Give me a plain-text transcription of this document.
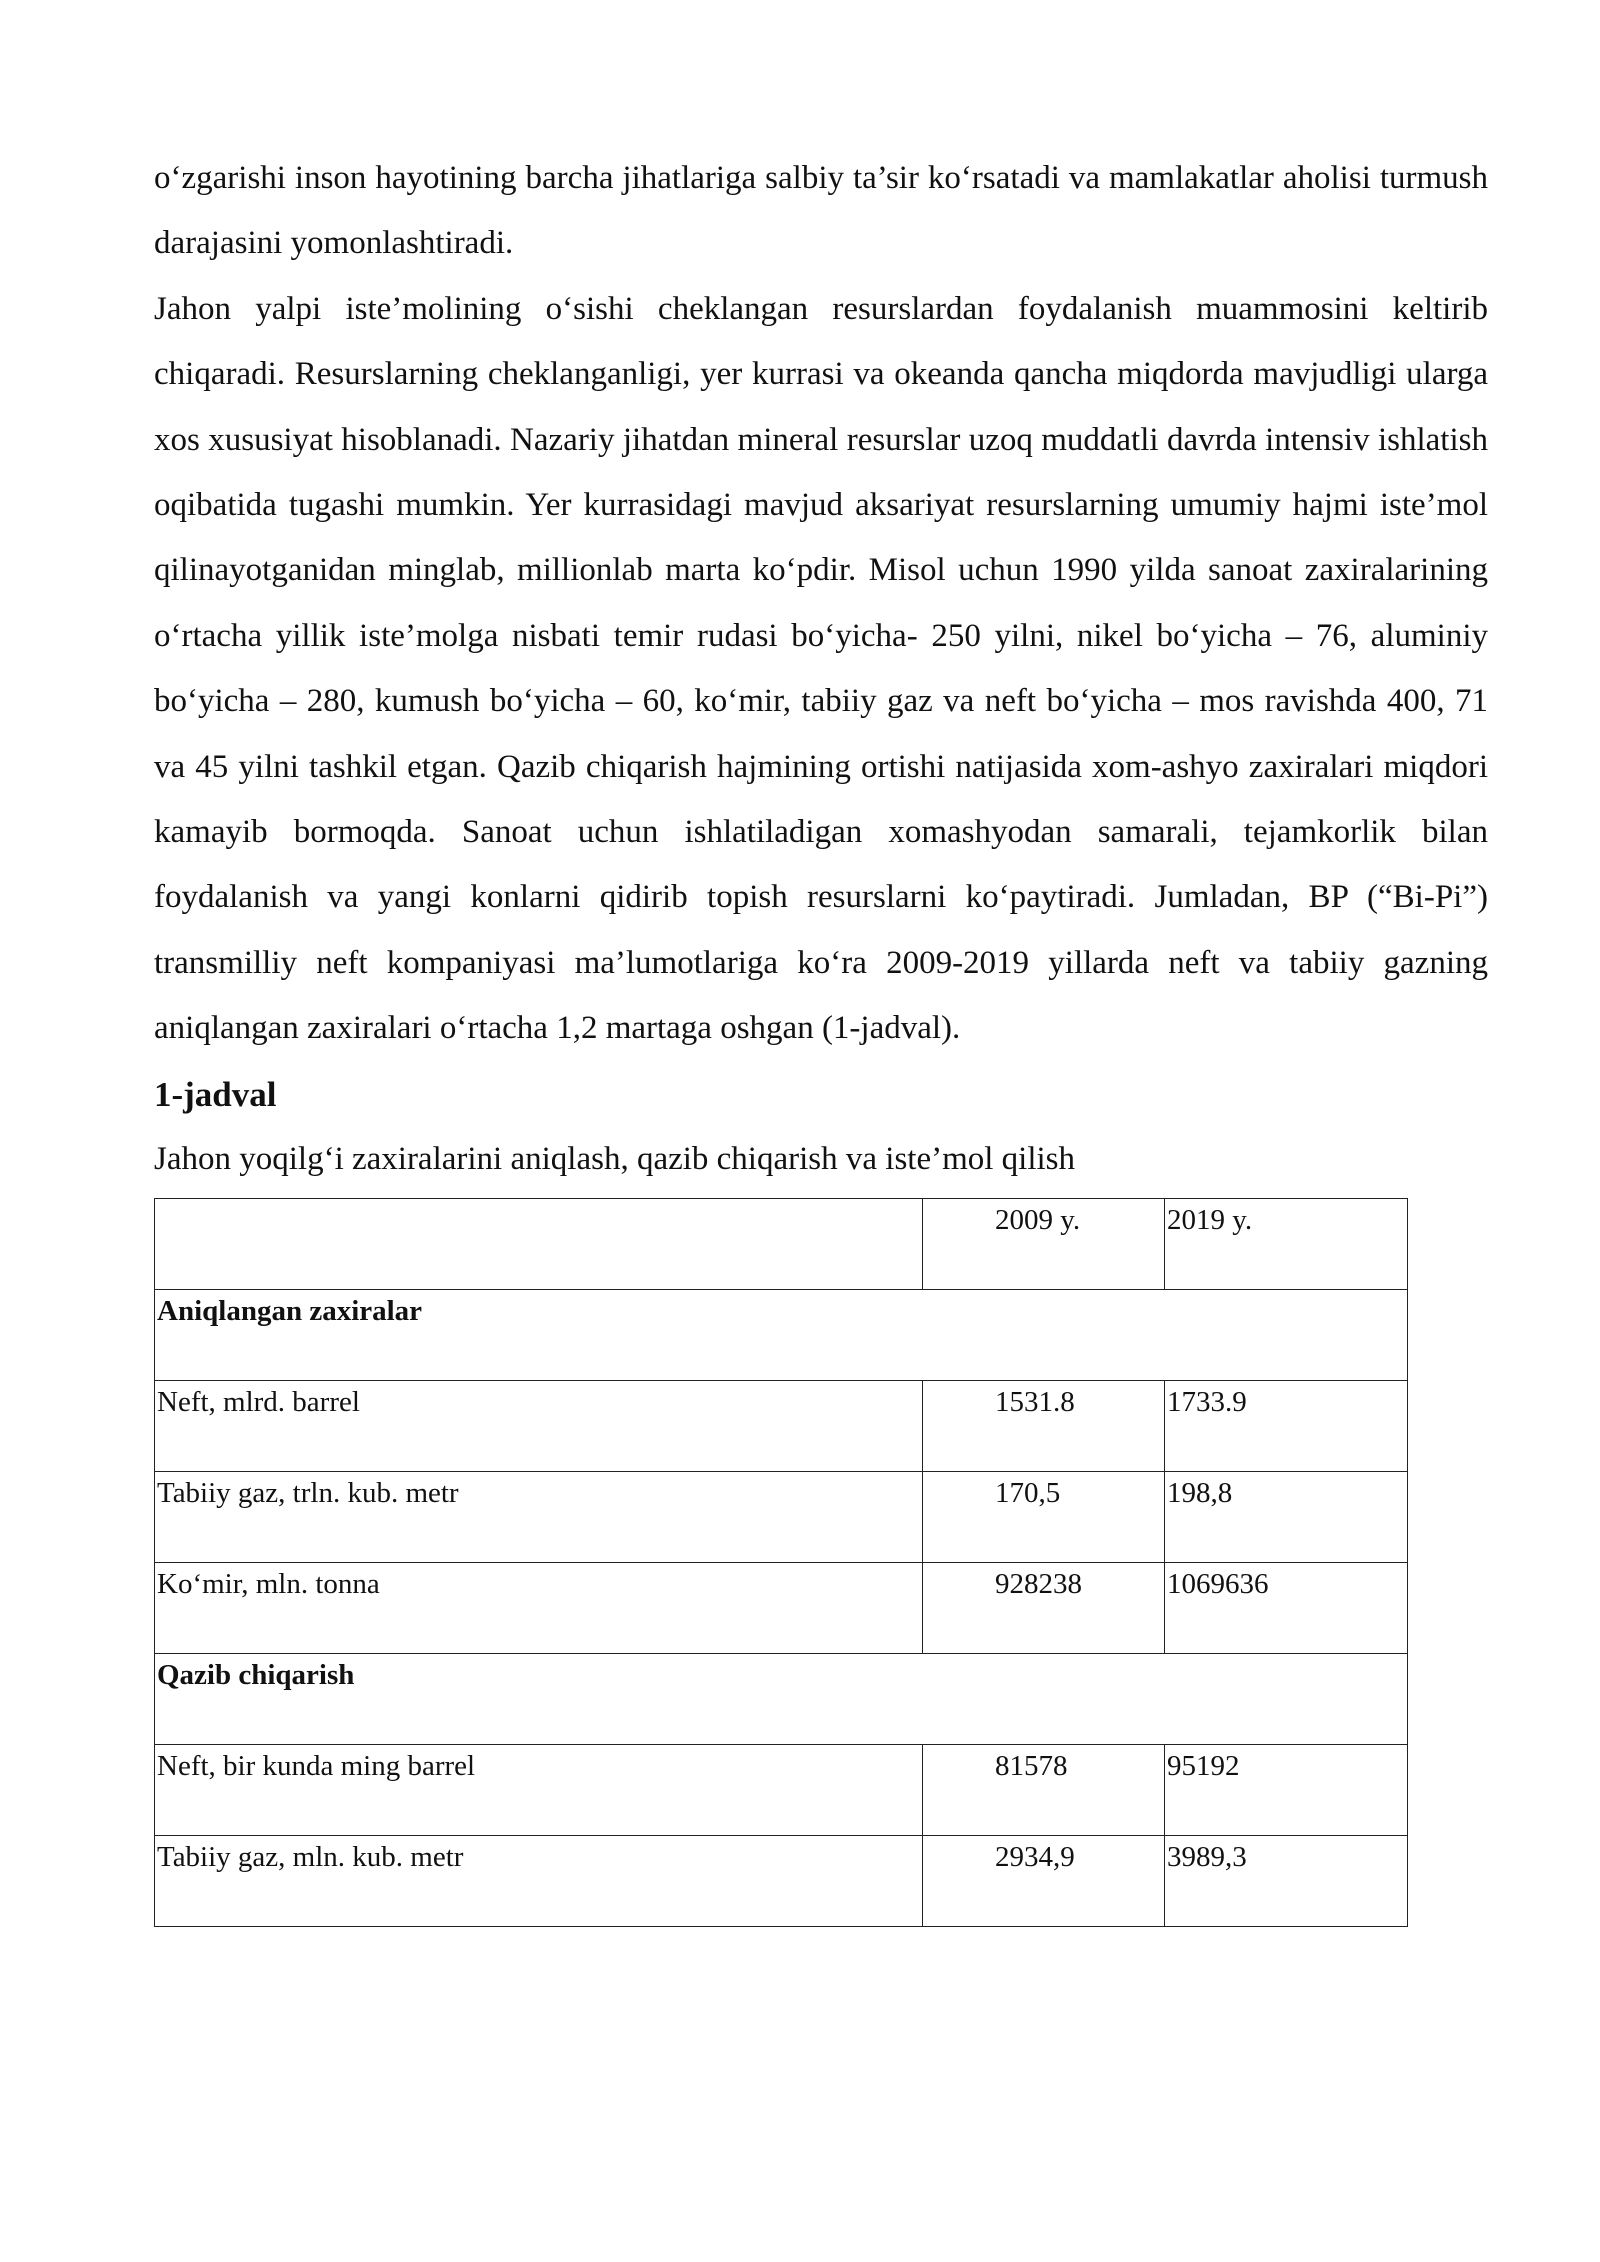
o‘zgarishi inson hayotining barcha jihatlariga salbiy ta’sir ko‘rsatadi va mamlakatlar aholisi turmush darajasini yomonlashtiradi.

Jahon yalpi iste’molining o‘sishi cheklangan resurslardan foydalanish muammosini keltirib chiqaradi. Resurslarning cheklanganligi, yer kurrasi va okeanda qancha miqdorda mavjudligi ularga xos xususiyat hisoblanadi. Nazariy jihatdan mineral resurslar uzoq muddatli davrda intensiv ishlatish oqibatida tugashi mumkin. Yer kurrasidagi mavjud aksariyat resurslarning umumiy hajmi iste’mol qilinayotganidan minglab, millionlab marta ko‘pdir. Misol uchun 1990 yilda sanoat zaxiralarining o‘rtacha yillik iste’molga nisbati temir rudasi bo‘yicha- 250 yilni, nikel bo‘yicha – 76, aluminiy bo‘yicha – 280, kumush bo‘yicha – 60, ko‘mir, tabiiy gaz va neft bo‘yicha – mos ravishda 400, 71 va 45 yilni tashkil etgan. Qazib chiqarish hajmining ortishi natijasida xom-ashyo zaxiralari miqdori kamayib bormoqda. Sanoat uchun ishlatiladigan xomashyodan samarali, tejamkorlik bilan foydalanish va yangi konlarni qidirib topish resurslarni ko‘paytiradi. Jumladan, BP (“Bi-Pi”) transmilliy neft kompaniyasi ma’lumotlariga ko‘ra 2009-2019 yillarda neft va tabiiy gazning aniqlangan zaxiralari o‘rtacha 1,2 martaga oshgan (1-jadval).

1-jadval

Jahon yoqilg‘i zaxiralarini aniqlash, qazib chiqarish va iste’mol qilish

	2009 y.	2019 y.
Aniqlangan zaxiralar		
Neft, mlrd. barrel	1531.8	1733.9
Tabiiy gaz, trln. kub. metr	170,5	198,8
Ko‘mir, mln. tonna	928238	1069636
Qazib chiqarish		
Neft, bir kunda ming barrel	81578	95192
Tabiiy gaz, mln. kub. metr	2934,9	3989,3
